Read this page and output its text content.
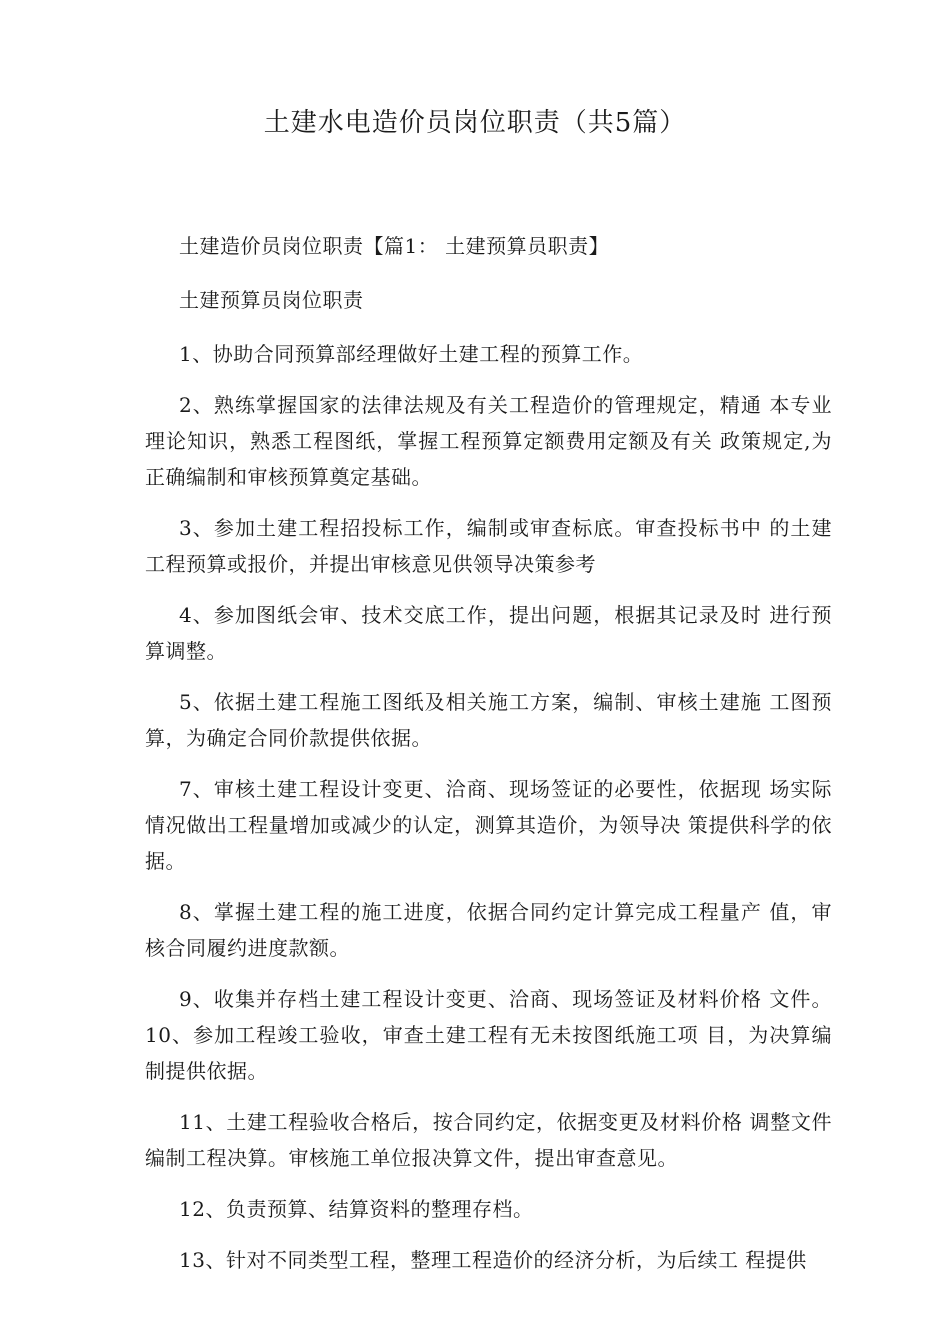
土建水电造价员岗位职责（共5篇）

土建造价员岗位职责【篇1： 土建预算员职责】

土建预算员岗位职责

1、协助合同预算部经理做好土建工程的预算工作。

2、熟练掌握国家的法律法规及有关工程造价的管理规定，精通 本专业理论知识，熟悉工程图纸，掌握工程预算定额费用定额及有关 政策规定,为正确编制和审核预算奠定基础。

3、参加土建工程招投标工作，编制或审查标底。审查投标书中 的土建工程预算或报价，并提出审核意见供领导决策参考

4、参加图纸会审、技术交底工作，提出问题，根据其记录及时 进行预算调整。

5、依据土建工程施工图纸及相关施工方案，编制、审核土建施 工图预算，为确定合同价款提供依据。

7、审核土建工程设计变更、洽商、现场签证的必要性，依据现 场实际情况做出工程量增加或减少的认定，测算其造价，为领导决 策提供科学的依据。

8、掌握土建工程的施工进度，依据合同约定计算完成工程量产 值，审核合同履约进度款额。

9、收集并存档土建工程设计变更、洽商、现场签证及材料价格 文件。10、参加工程竣工验收，审查土建工程有无未按图纸施工项 目，为决算编制提供依据。

11、土建工程验收合格后，按合同约定，依据变更及材料价格 调整文件编制工程决算。审核施工单位报决算文件，提出审查意见。

12、负责预算、结算资料的整理存档。

13、针对不同类型工程，整理工程造价的经济分析，为后续工 程提供
